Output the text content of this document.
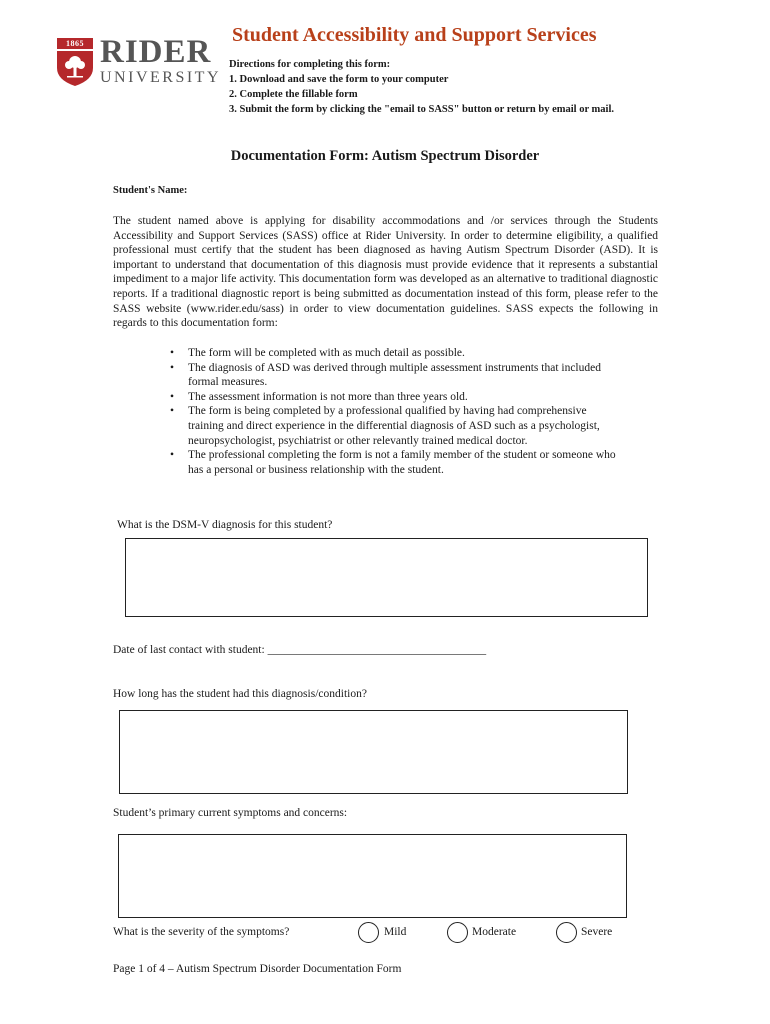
1865 RIDER
UNIVERSITY
Student Accessibility and Support Services
Directions for completing this form:
1. Download and save the form to your computer
2. Complete the fillable form
3. Submit the form by clicking the "email to SASS" button or return by email or mail.
Documentation Form: Autism Spectrum Disorder
Student's Name:
The student named above is applying for disability accommodations and /or services through the Students Accessibility and Support Services (SASS) office at Rider University. In order to determine eligibility, a qualified professional must certify that the student has been diagnosed as having Autism Spectrum Disorder (ASD). It is important to understand that documentation of this diagnosis must provide evidence that it represents a substantial impediment to a major life activity. This documentation form was developed as an alternative to traditional diagnostic reports. If a traditional diagnostic report is being submitted as documentation instead of this form, please refer to the SASS website (www.rider.edu/sass) in order to view documentation guidelines. SASS expects the following in regards to this documentation form:
• The form will be completed with as much detail as possible.
• The diagnosis of ASD was derived through multiple assessment instruments that included formal measures.
• The assessment information is not more than three years old.
• The form is being completed by a professional qualified by having had comprehensive training and direct experience in the differential diagnosis of ASD such as a psychologist, neuropsychologist, psychiatrist or other relevantly trained medical doctor.
• The professional completing the form is not a family member of the student or someone who has a personal or business relationship with the student.
What is the DSM-V diagnosis for this student?
Date of last contact with student: ______________________________________
How long has the student had this diagnosis/condition?
Student’s primary current symptoms and concerns:
What is the severity of the symptoms?	Mild	Moderate	Severe
Page 1 of 4 – Autism Spectrum Disorder Documentation Form
